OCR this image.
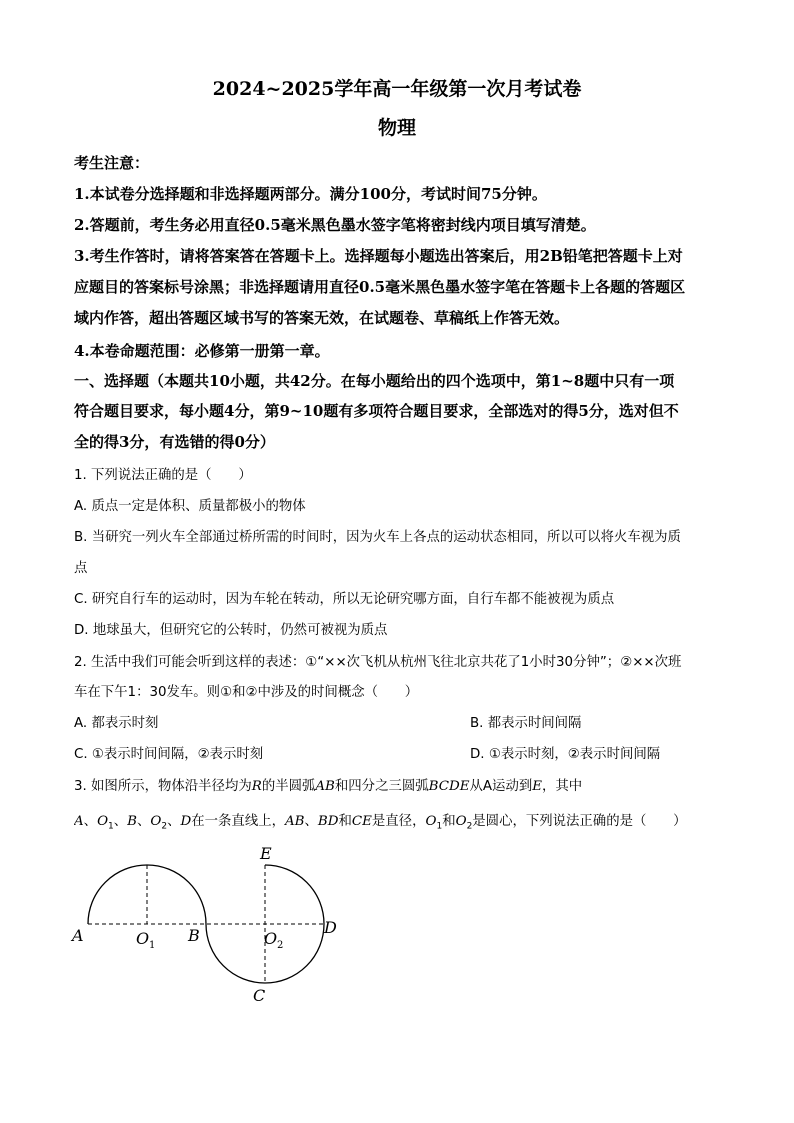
2024~2025学年高一年级第一次月考试卷
物理
考生注意：
1.本试卷分选择题和非选择题两部分。满分100分，考试时间75分钟。
2.答题前，考生务必用直径0.5毫米黑色墨水签字笔将密封线内项目填写清楚。
3.考生作答时，请将答案答在答题卡上。选择题每小题选出答案后，用2B铅笔把答题卡上对
应题目的答案标号涂黑；非选择题请用直径0.5毫米黑色墨水签字笔在答题卡上各题的答题区
域内作答，超出答题区域书写的答案无效，在试题卷、草稿纸上作答无效。
4.本卷命题范围：必修第一册第一章。
一、选择题（本题共10小题，共42分。在每小题给出的四个选项中，第1~8题中只有一项
符合题目要求，每小题4分，第9~10题有多项符合题目要求，全部选对的得5分，选对但不
全的得3分，有选错的得0分）
1. 下列说法正确的是（　　）
A. 质点一定是体积、质量都极小的物体
B. 当研究一列火车全部通过桥所需的时间时，因为火车上各点的运动状态相同，所以可以将火车视为质
点
C. 研究自行车的运动时，因为车轮在转动，所以无论研究哪方面，自行车都不能被视为质点
D. 地球虽大，但研究它的公转时，仍然可被视为质点
2. 生活中我们可能会听到这样的表述：①“××次飞机从杭州飞往北京共花了1小时30分钟”；②××次班
车在下午1：30发车。则①和②中涉及的时间概念（　　）
A. 都表示时刻	B. 都表示时间间隔
C. ①表示时间间隔，②表示时刻	D. ①表示时刻，②表示时间间隔
3. 如图所示，物体沿半径均为R的半圆弧AB和四分之三圆弧BCDE从A运动到E，其中
A、$O_1$、B、$O_2$、D在一条直线上，AB、BD和CE是直径，$O_1$和$O_2$是圆心，下列说法正确的是（　　）
A	O 1
B	O 2
D
E
C
